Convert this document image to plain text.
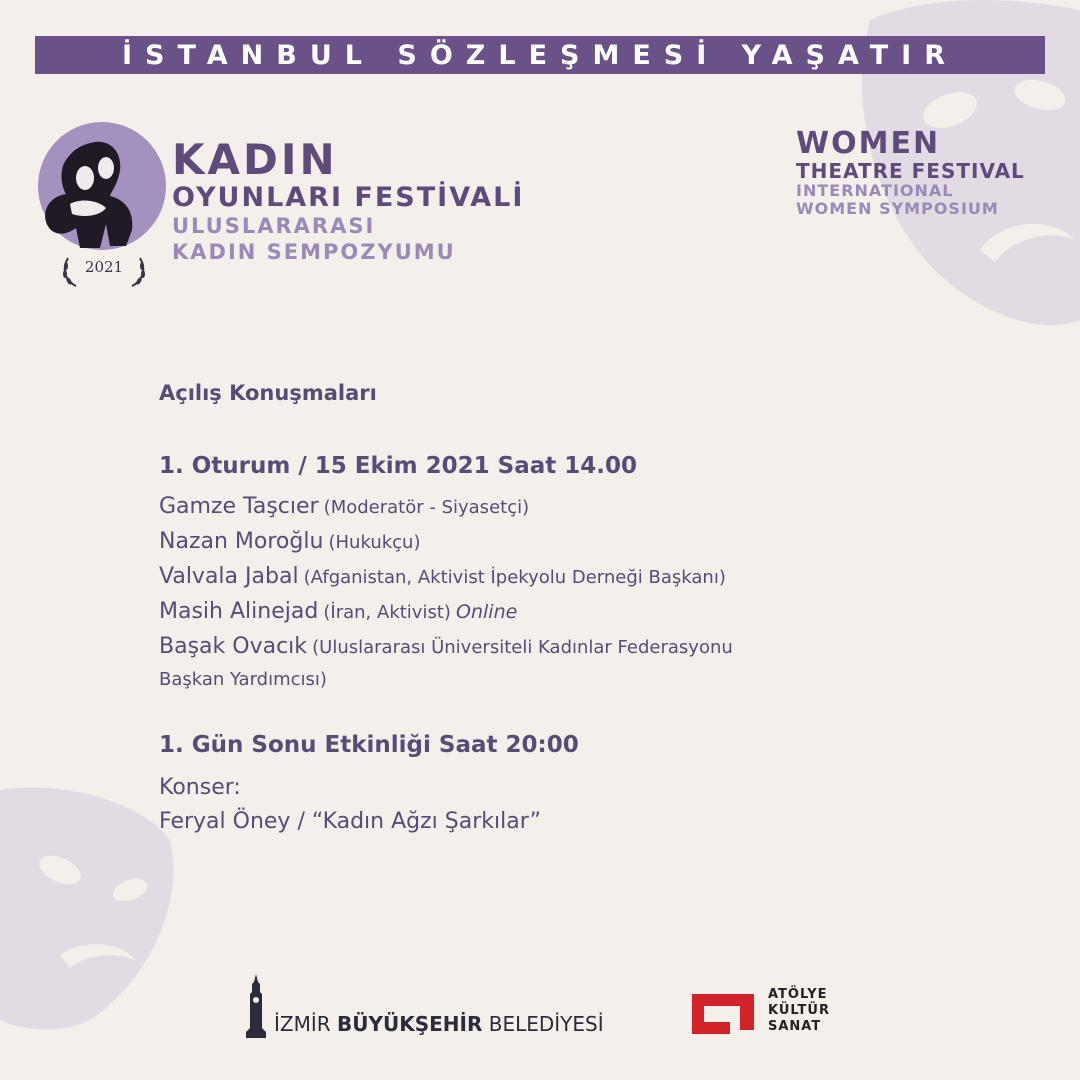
İSTANBUL SÖZLEŞMESİ YAŞATIR
2021
KADIN
OYUNLARI FESTİVALİ
ULUSLARARASI
KADIN SEMPOZYUMU
WOMEN
THEATRE FESTIVAL
INTERNATIONAL
WOMEN SYMPOSIUM
Açılış Konuşmaları
1. Oturum / 15 Ekim 2021 Saat 14.00
Gamze Taşcıer (Moderatör - Siyasetçi)
Nazan Moroğlu (Hukukçu)
Valvala Jabal (Afganistan, Aktivist İpekyolu Derneği Başkanı)
Masih Alinejad (İran, Aktivist) Online
Başak Ovacık (Uluslararası Üniversiteli Kadınlar Federasyonu
Başkan Yardımcısı)
1. Gün Sonu Etkinliği Saat 20:00
Konser:
Feryal Öney / “Kadın Ağzı Şarkılar”
İZMİR BÜYÜKŞEHİR BELEDİYESİ
ATÖLYE
KÜLTÜR
SANAT
